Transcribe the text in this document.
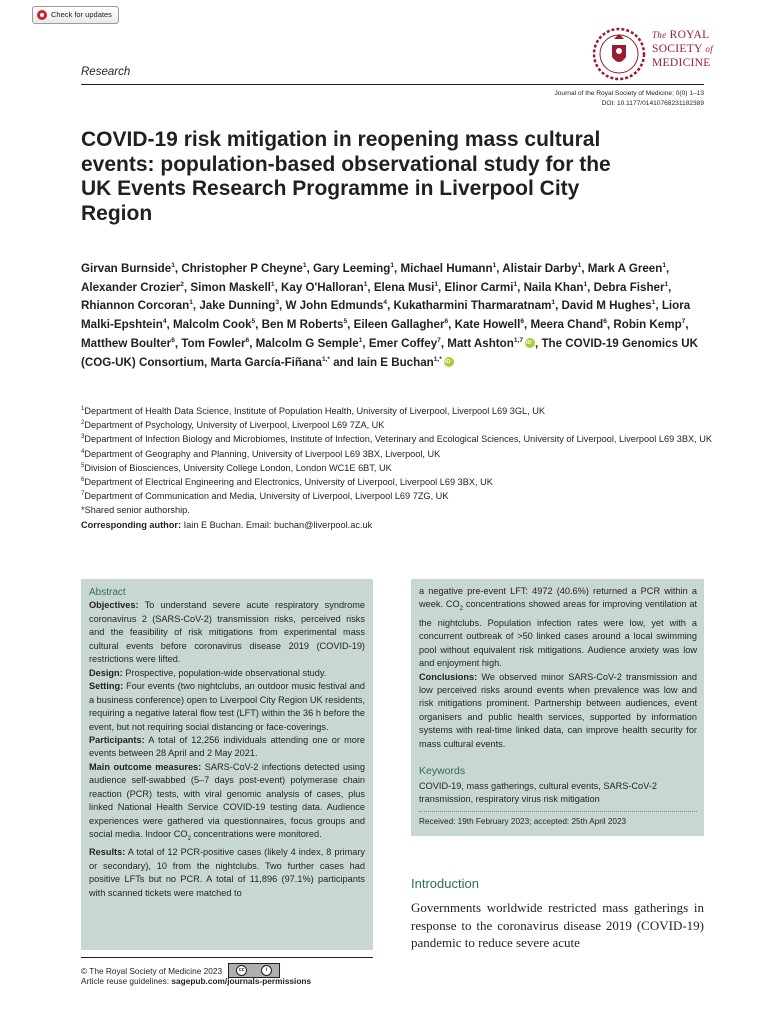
Check for updates
Research
The ROYAL
SOCIETY of
MEDICINE
Journal of the Royal Society of Medicine; 0(0) 1–13
DOI: 10.1177/01410768231182389
COVID-19 risk mitigation in reopening mass cultural events: population-based observational study for the UK Events Research Programme in Liverpool City Region
Girvan Burnside$^1$, Christopher P Cheyne$^1$, Gary Leeming$^1$, Michael Humann$^1$, Alistair Darby$^1$, Mark A Green$^1$, Alexander Crozier$^2$, Simon Maskell$^1$, Kay O'Halloran$^1$, Elena Musi$^1$, Elinor Carmi$^1$, Naila Khan$^1$, Debra Fisher$^1$, Rhiannon Corcoran$^1$, Jake Dunning$^3$, W John Edmunds$^4$, Kukatharmini Tharmaratnam$^1$, David M Hughes$^1$, Liora Malki-Epshtein$^4$, Malcolm Cook$^5$, Ben M Roberts$^5$, Eileen Gallagher$^6$, Kate Howell$^6$, Meera Chand$^6$, Robin Kemp$^7$, Matthew Boulter$^6$, Tom Fowler$^6$, Malcolm G Semple$^1$, Emer Coffey$^7$, Matt Ashton$^{1,7}$iD , The COVID-19 Genomics UK (COG-UK) Consortium, Marta García-Fiñana$^{1,*}$ and Iain E Buchan$^{1,*}$iD
$^1$Department of Health Data Science, Institute of Population Health, University of Liverpool, Liverpool L69 3GL, UK
$^2$Department of Psychology, University of Liverpool, Liverpool L69 7ZA, UK
$^3$Department of Infection Biology and Microbiomes, Institute of Infection, Veterinary and Ecological Sciences, University of Liverpool, Liverpool L69 3BX, UK
$^4$Department of Geography and Planning, University of Liverpool L69 3BX, Liverpool, UK
$^5$Division of Biosciences, University College London, London WC1E 6BT, UK
$^6$Department of Electrical Engineering and Electronics, University of Liverpool, Liverpool L69 3BX, UK
$^7$Department of Communication and Media, University of Liverpool, Liverpool L69 7ZG, UK
*Shared senior authorship.
Corresponding author: Iain E Buchan. Email: buchan@liverpool.ac.uk
Abstract
Objectives: To understand severe acute respiratory syndrome coronavirus 2 (SARS-CoV-2) transmission risks, perceived risks and the feasibility of risk mitigations from experimental mass cultural events before coronavirus disease 2019 (COVID-19) restrictions were lifted.
Design: Prospective, population-wide observational study.
Setting: Four events (two nightclubs, an outdoor music festival and a business conference) open to Liverpool City Region UK residents, requiring a negative lateral flow test (LFT) within the 36 h before the event, but not requiring social distancing or face-coverings.
Participants: A total of 12,256 individuals attending one or more events between 28 April and 2 May 2021.
Main outcome measures: SARS-CoV-2 infections detected using audience self-swabbed (5–7 days post-event) polymerase chain reaction (PCR) tests, with viral genomic analysis of cases, plus linked National Health Service COVID-19 testing data. Audience experiences were gathered via questionnaires, focus groups and social media. Indoor $CO_2$ concentrations were monitored.
Results: A total of 12 PCR-positive cases (likely 4 index, 8 primary or secondary), 10 from the nightclubs. Two further cases had positive LFTs but no PCR. A total of 11,896 (97.1%) participants with scanned tickets were matched to
a negative pre-event LFT: 4972 (40.6%) returned a PCR within a week. $CO_2$ concentrations showed areas for improving ventilation at the nightclubs. Population infection rates were low, yet with a concurrent outbreak of >50 linked cases around a local swimming pool without equivalent risk mitigations. Audience anxiety was low and enjoyment high.
Conclusions: We observed minor SARS-CoV-2 transmission and low perceived risks around events when prevalence was low and risk mitigations prominent. Partnership between audiences, event organisers and public health services, supported by information systems with real-time linked data, can improve health security for mass cultural events.
Keywords
COVID-19, mass gatherings, cultural events, SARS-CoV-2 transmission, respiratory virus risk mitigation
Received: 19th February 2023; accepted: 25th April 2023
Introduction
Governments worldwide restricted mass gatherings in response to the coronavirus disease 2019 (COVID-19) pandemic to reduce severe acute
© The Royal Society of Medicine 2023	cc	i
Article reuse guidelines: sagepub.com/journals-permissions
